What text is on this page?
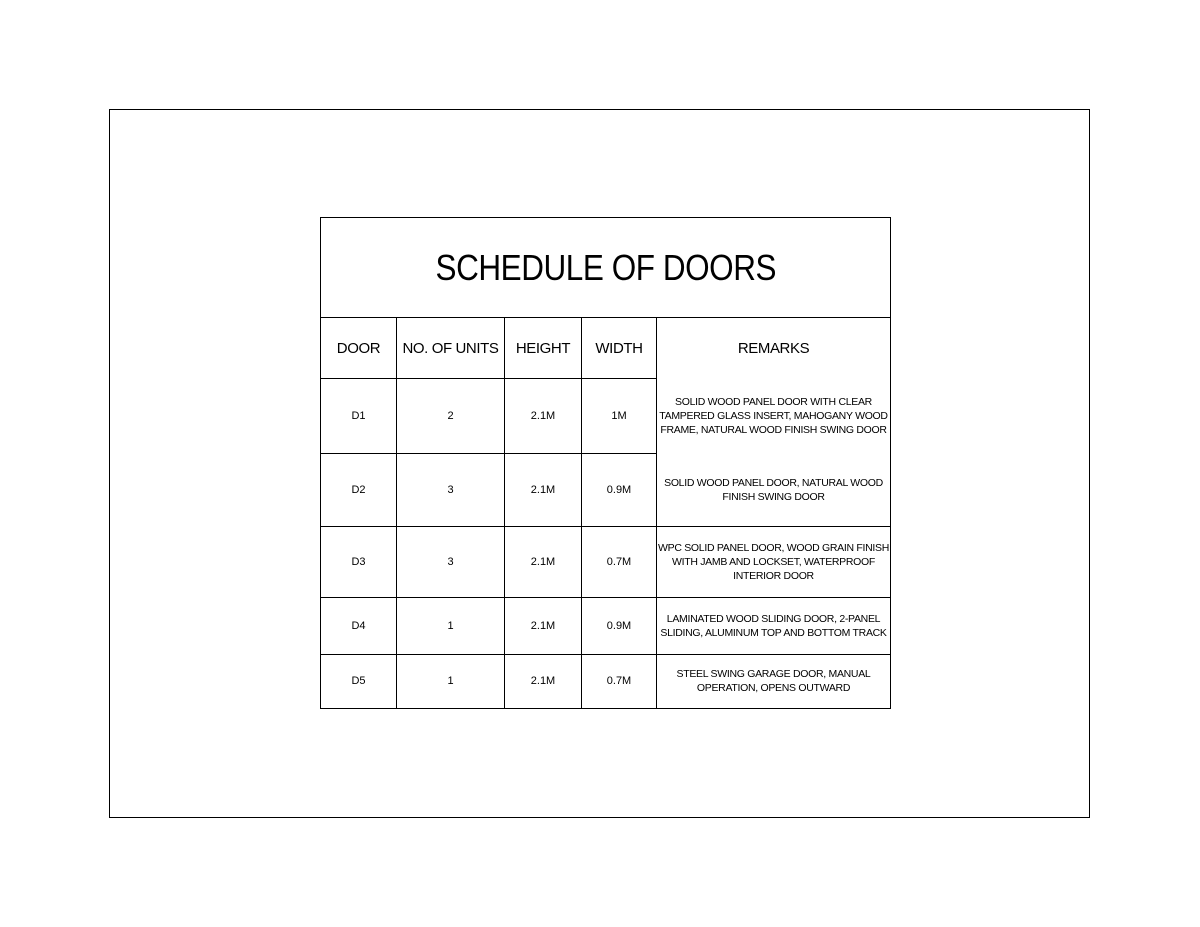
SCHEDULE OF DOORS				
DOOR	NO. OF UNITS	HEIGHT	WIDTH	REMARKS
D1	2	2.1M	1M	SOLID WOOD PANEL DOOR WITH CLEAR TAMPERED GLASS INSERT, MAHOGANY WOOD FRAME, NATURAL WOOD FINISH SWING DOOR
D2	3	2.1M	0.9M	SOLID WOOD PANEL DOOR, NATURAL WOOD FINISH SWING DOOR
D3	3	2.1M	0.7M	WPC SOLID PANEL DOOR, WOOD GRAIN FINISH WITH JAMB AND LOCKSET, WATERPROOF INTERIOR DOOR
D4	1	2.1M	0.9M	LAMINATED WOOD SLIDING DOOR, 2-PANEL SLIDING, ALUMINUM TOP AND BOTTOM TRACK
D5	1	2.1M	0.7M	STEEL SWING GARAGE DOOR, MANUAL OPERATION, OPENS OUTWARD
